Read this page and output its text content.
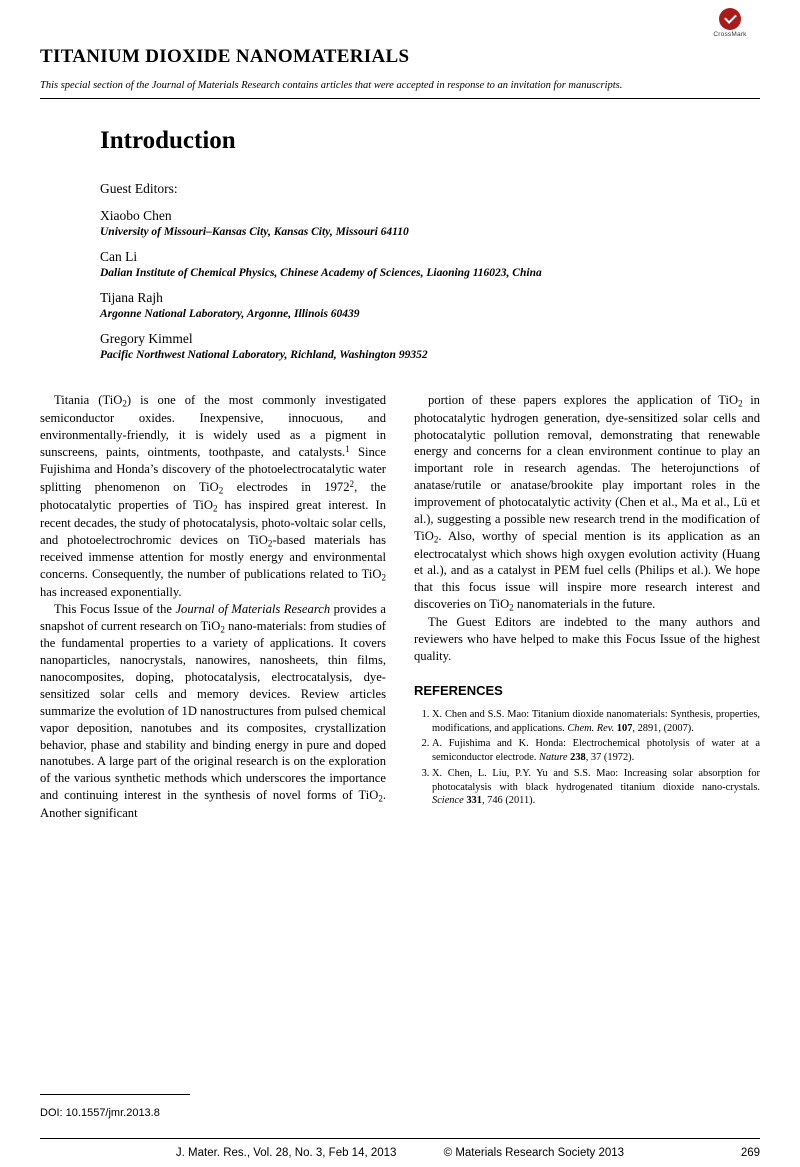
CrossMark
TITANIUM DIOXIDE NANOMATERIALS

This special section of the Journal of Materials Research contains articles that were accepted in response to an invitation for manuscripts.

Introduction

Guest Editors:

Xiaobo Chen

University of Missouri–Kansas City, Kansas City, Missouri 64110

Can Li

Dalian Institute of Chemical Physics, Chinese Academy of Sciences, Liaoning 116023, China

Tijana Rajh

Argonne National Laboratory, Argonne, Illinois 60439

Gregory Kimmel

Pacific Northwest National Laboratory, Richland, Washington 99352

Titania (TiO$_2$) is one of the most commonly investigated semiconductor oxides. Inexpensive, innocuous, and environmentally-friendly, it is widely used as a pigment in sunscreens, paints, ointments, toothpaste, and catalysts.$^1$ Since Fujishima and Honda’s discovery of the photoelectrocatalytic water splitting phenomenon on TiO$_2$ electrodes in 1972$^2$, the photocatalytic properties of TiO$_2$ has inspired great interest. In recent decades, the study of photocatalysis, photo-voltaic solar cells, and photoelectrochromic devices on TiO$_2$-based materials has received immense attention for mostly energy and environmental concerns. Consequently, the number of publications related to TiO$_2$ has increased exponentially.

This Focus Issue of the Journal of Materials Research provides a snapshot of current research on TiO$_2$ nano-materials: from studies of the fundamental properties to a variety of applications. It covers nanoparticles, nanocrystals, nanowires, nanosheets, thin films, nanocomposites, doping, photocatalysis, electrocatalysis, dye-sensitized solar cells and memory devices. Review articles summarize the evolution of 1D nanostructures from pulsed chemical vapor deposition, nanotubes and its composites, crystallization behavior, phase and stability and binding energy in pure and doped nanotubes. A large part of the original research is on the exploration of the various synthetic methods which underscores the importance and continuing interest in the synthesis of novel forms of TiO$_2$. Another significant

portion of these papers explores the application of TiO$_2$ in photocatalytic hydrogen generation, dye-sensitized solar cells and photocatalytic pollution removal, demonstrating that renewable energy and concerns for a clean environment continue to play an important role in research agendas. The heterojunctions of anatase/rutile or anatase/brookite play important roles in the improvement of photocatalytic activity (Chen et al., Ma et al., Lü et al.), suggesting a possible new research trend in the modification of TiO$_2$. Also, worthy of special mention is its application as an electrocatalyst which shows high oxygen evolution activity (Huang et al.), and as a catalyst in PEM fuel cells (Philips et al.). We hope that this focus issue will inspire more research interest and discoveries on TiO$_2$ nanomaterials in the future.

The Guest Editors are indebted to the many authors and reviewers who have helped to make this Focus Issue of the highest quality.

REFERENCES
1. X. Chen and S.S. Mao: Titanium dioxide nanomaterials: Synthesis, properties, modifications, and applications. Chem. Rev. 107, 2891, (2007).
2. A. Fujishima and K. Honda: Electrochemical photolysis of water at a semiconductor electrode. Nature 238, 37 (1972).
3. X. Chen, L. Liu, P.Y. Yu and S.S. Mao: Increasing solar absorption for photocatalysis with black hydrogenated titanium dioxide nano-crystals. Science 331, 746 (2011).
DOI: 10.1557/jmr.2013.8
J. Mater. Res., Vol. 28, No. 3, Feb 14, 2013	© Materials Research Society 2013	269
